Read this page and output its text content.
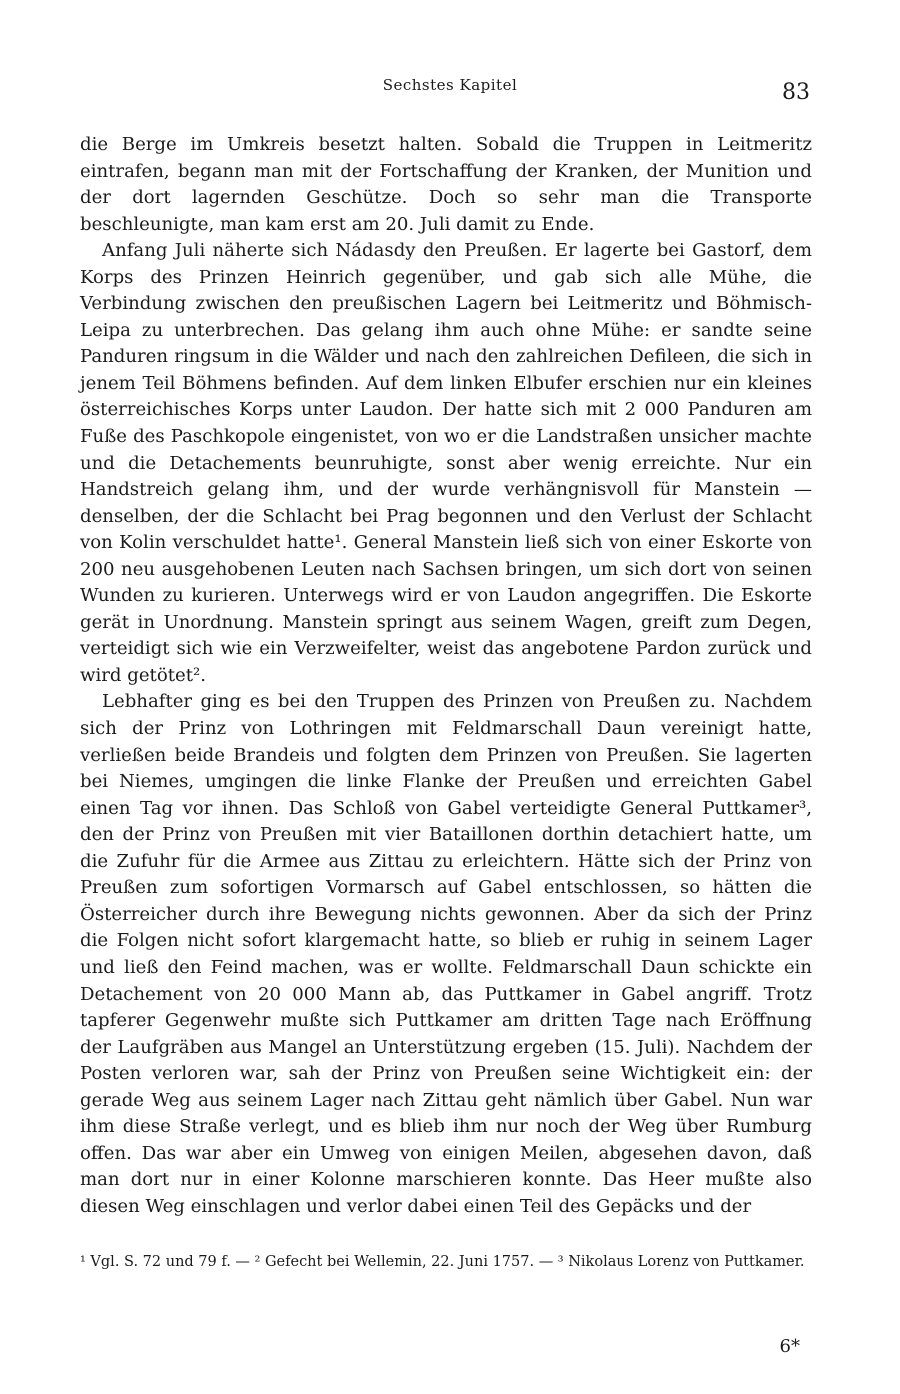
Sechstes Kapitel	83

die Berge im Umkreis besetzt halten. Sobald die Truppen in Leitmeritz eintrafen, begann man mit der Fortschaffung der Kranken, der Munition und der dort lagernden Geschütze. Doch so sehr man die Transporte beschleunigte, man kam erst am 20. Juli damit zu Ende.

Anfang Juli näherte sich Nádasdy den Preußen. Er lagerte bei Gastorf, dem Korps des Prinzen Heinrich gegenüber, und gab sich alle Mühe, die Verbindung zwischen den preußischen Lagern bei Leitmeritz und Böhmisch-Leipa zu unterbrechen. Das gelang ihm auch ohne Mühe: er sandte seine Panduren ringsum in die Wälder und nach den zahlreichen Defileen, die sich in jenem Teil Böhmens befinden. Auf dem linken Elbufer erschien nur ein kleines österreichisches Korps unter Laudon. Der hatte sich mit 2 000 Panduren am Fuße des Paschkopole eingenistet, von wo er die Landstraßen unsicher machte und die Detachements beunruhigte, sonst aber wenig erreichte. Nur ein Handstreich gelang ihm, und der wurde verhängnisvoll für Manstein — denselben, der die Schlacht bei Prag begonnen und den Verlust der Schlacht von Kolin verschuldet hatte¹. General Manstein ließ sich von einer Eskorte von 200 neu ausgehobenen Leuten nach Sachsen bringen, um sich dort von seinen Wunden zu kurieren. Unterwegs wird er von Laudon angegriffen. Die Eskorte gerät in Unordnung. Manstein springt aus seinem Wagen, greift zum Degen, verteidigt sich wie ein Verzweifelter, weist das angebotene Pardon zurück und wird getötet².

Lebhafter ging es bei den Truppen des Prinzen von Preußen zu. Nachdem sich der Prinz von Lothringen mit Feldmarschall Daun vereinigt hatte, verließen beide Brandeis und folgten dem Prinzen von Preußen. Sie lagerten bei Niemes, umgingen die linke Flanke der Preußen und erreichten Gabel einen Tag vor ihnen. Das Schloß von Gabel verteidigte General Puttkamer³, den der Prinz von Preußen mit vier Bataillonen dorthin detachiert hatte, um die Zufuhr für die Armee aus Zittau zu erleichtern. Hätte sich der Prinz von Preußen zum sofortigen Vormarsch auf Gabel entschlossen, so hätten die Österreicher durch ihre Bewegung nichts gewonnen. Aber da sich der Prinz die Folgen nicht sofort klargemacht hatte, so blieb er ruhig in seinem Lager und ließ den Feind machen, was er wollte. Feldmarschall Daun schickte ein Detachement von 20 000 Mann ab, das Puttkamer in Gabel angriff. Trotz tapferer Gegenwehr mußte sich Puttkamer am dritten Tage nach Eröffnung der Laufgräben aus Mangel an Unterstützung ergeben (15. Juli). Nachdem der Posten verloren war, sah der Prinz von Preußen seine Wichtigkeit ein: der gerade Weg aus seinem Lager nach Zittau geht nämlich über Gabel. Nun war ihm diese Straße verlegt, und es blieb ihm nur noch der Weg über Rumburg offen. Das war aber ein Umweg von einigen Meilen, abgesehen davon, daß man dort nur in einer Kolonne marschieren konnte. Das Heer mußte also diesen Weg einschlagen und verlor dabei einen Teil des Gepäcks und der

¹ Vgl. S. 72 und 79 f. — ² Gefecht bei Wellemin, 22. Juni 1757. — ³ Nikolaus Lorenz von Puttkamer.
6*
